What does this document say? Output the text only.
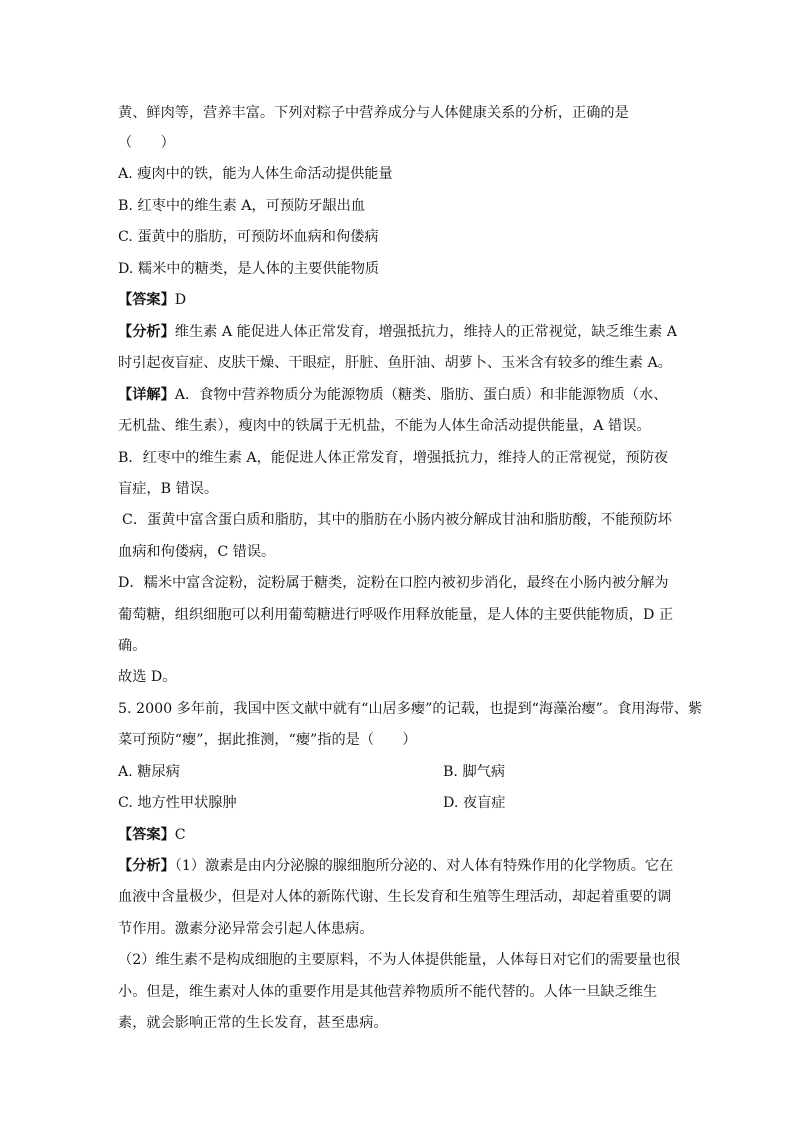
黄、鲜肉等，营养丰富。下列对粽子中营养成分与人体健康关系的分析，正确的是
（　　）
A. 瘦肉中的铁，能为人体生命活动提供能量
B. 红枣中的维生素 A，可预防牙龈出血
C. 蛋黄中的脂肪，可预防坏血病和佝偻病
D. 糯米中的糖类，是人体的主要供能物质
【答案】D
【分析】维生素 A 能促进人体正常发育，增强抵抗力，维持人的正常视觉，缺乏维生素 A
时引起夜盲症、皮肤干燥、干眼症，肝脏、鱼肝油、胡萝卜、玉米含有较多的维生素 A。
【详解】A．食物中营养物质分为能源物质（糖类、脂肪、蛋白质）和非能源物质（水、
无机盐、维生素），瘦肉中的铁属于无机盐，不能为人体生命活动提供能量，A 错误。
B．红枣中的维生素 A，能促进人体正常发育，增强抵抗力，维持人的正常视觉，预防夜
盲症，B 错误。
C．蛋黄中富含蛋白质和脂肪，其中的脂肪在小肠内被分解成甘油和脂肪酸，不能预防坏
血病和佝偻病，C 错误。
D．糯米中富含淀粉，淀粉属于糖类，淀粉在口腔内被初步消化，最终在小肠内被分解为
葡萄糖，组织细胞可以利用葡萄糖进行呼吸作用释放能量，是人体的主要供能物质，D 正
确。
故选 D。
5. 2000 多年前，我国中医文献中就有“山居多瘿”的记载，也提到“海藻治瘿”。食用海带、紫
菜可预防“瘿”，据此推测，“瘿”指的是（　　）
A. 糖尿病	B. 脚气病
C. 地方性甲状腺肿	D. 夜盲症
【答案】C
【分析】（1）激素是由内分泌腺的腺细胞所分泌的、对人体有特殊作用的化学物质。它在
血液中含量极少，但是对人体的新陈代谢、生长发育和生殖等生理活动，却起着重要的调
节作用。激素分泌异常会引起人体患病。
（2）维生素不是构成细胞的主要原料，不为人体提供能量，人体每日对它们的需要量也很
小。但是，维生素对人体的重要作用是其他营养物质所不能代替的。人体一旦缺乏维生
素，就会影响正常的生长发育，甚至患病。
